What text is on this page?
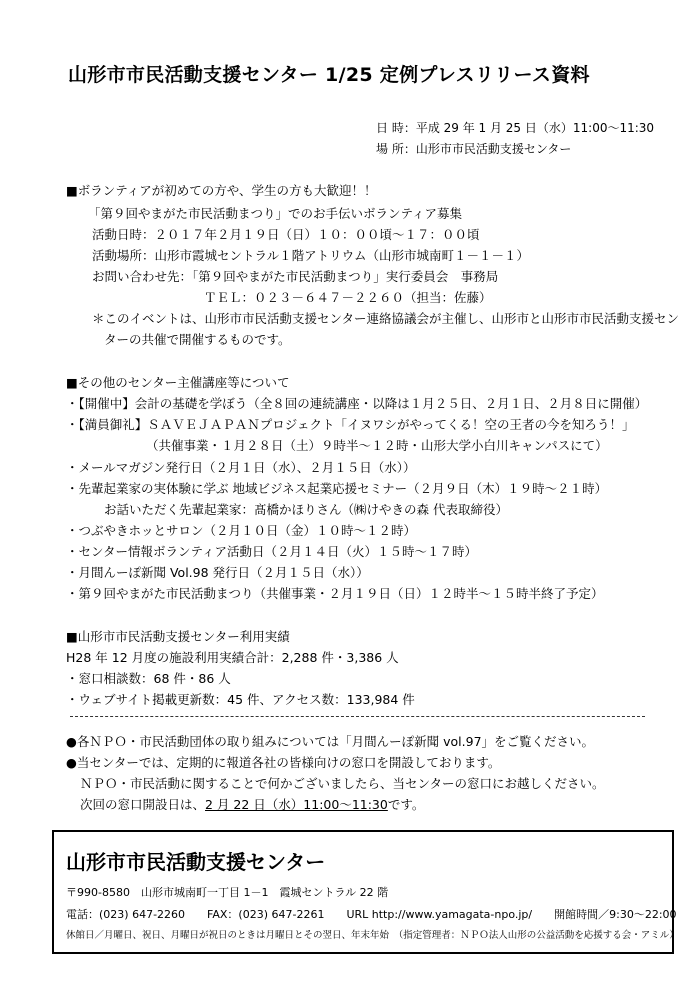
山形市市民活動支援センター 1/25 定例プレスリリース資料
日 時：平成 29 年 1 月 25 日（水）11:00～11:30
場 所：山形市市民活動支援センター
■ボランティアが初めての方や、学生の方も大歓迎！！
「第９回やまがた市民活動まつり」でのお手伝いボランティア募集
活動日時：２０１７年２月１９日（日）１０：００頃～１７：００頃
活動場所：山形市霞城セントラル１階アトリウム（山形市城南町１－１－１）
お問い合わせ先：「第９回やまがた市民活動まつり」実行委員会　事務局
ＴＥＬ：０２３－６４７－２２６０（担当：佐藤）
＊このイベントは、山形市市民活動支援センター連絡協議会が主催し、山形市と山形市市民活動支援セン
ターの共催で開催するものです。
■その他のセンター主催講座等について
・【開催中】会計の基礎を学ぼう（全８回の連続講座・以降は１月２５日、２月１日、２月８日に開催）
・【満員御礼】ＳＡＶＥＪＡＰＡＮプロジェクト「イヌワシがやってくる！空の王者の今を知ろう！」
（共催事業・１月２８日（土）９時半～１２時・山形大学小白川キャンパスにて）
・メールマガジン発行日（２月１日（水）、２月１５日（水））
・先輩起業家の実体験に学ぶ 地域ビジネス起業応援セミナー（２月９日（木）１９時～２１時）
お話いただく先輩起業家：髙橋かほりさん（㈱けやきの森 代表取締役）
・つぶやきホッとサロン（２月１０日（金）１０時～１２時）
・センター情報ボランティア活動日（２月１４日（火）１５時～１７時）
・月間んーぽ新聞 Vol.98 発行日（２月１５日（水））
・第９回やまがた市民活動まつり（共催事業・２月１９日（日）１２時半～１５時半終了予定）
■山形市市民活動支援センター利用実績
H28 年 12 月度の施設利用実績合計：2,288 件・3,386 人
・窓口相談数：68 件・86 人
・ウェブサイト掲載更新数：45 件、アクセス数：133,984 件
●各ＮＰＯ・市民活動団体の取り組みについては「月間んーぽ新聞 vol.97」をご覧ください。
●当センターでは、定期的に報道各社の皆様向けの窓口を開設しております。
ＮＰＯ・市民活動に関することで何かございましたら、当センターの窓口にお越しください。
次回の窓口開設日は、2 月 22 日（水）11:00～11:30です。
山形市市民活動支援センター
〒990-8580　山形市城南町一丁目 1－1　霞城セントラル 22 階
電話：(023) 647-2260　　FAX：(023) 647-2261　　URL http://www.yamagata-npo.jp/　　開館時間／9:30～22:00
休館日／月曜日、祝日、月曜日が祝日のときは月曜日とその翌日、年末年始　（指定管理者：ＮＰＯ法人山形の公益活動を応援する会・アミル）
